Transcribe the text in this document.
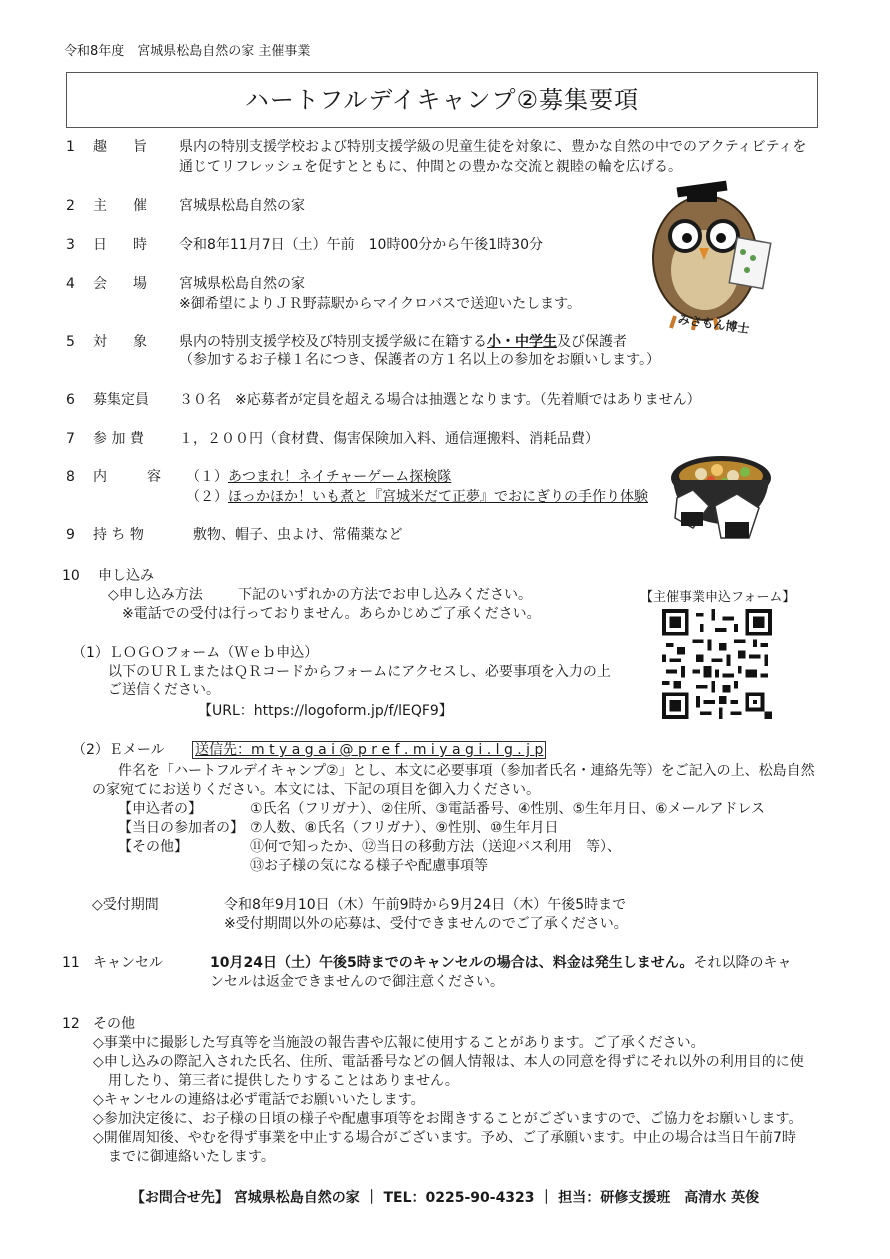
令和8年度　宮城県松島自然の家 主催事業
ハートフルデイキャンプ②募集要項
1 趣　旨 県内の特別支援学校および特別支援学級の児童生徒を対象に、豊かな自然の中でのアクティビティを
通じてリフレッシュを促すとともに、仲間との豊かな交流と親睦の輪を広げる。
2 主　催 宮城県松島自然の家
3 日　時 令和8年11月7日（土）午前　10時00分から午後1時30分
4 会　場 宮城県松島自然の家
※御希望によりＪＲ野蒜駅からマイクロバスで送迎いたします。
みさもん博士
5 対　象 県内の特別支援学校及び特別支援学級に在籍する小・中学生及び保護者
（参加するお子様１名につき、保護者の方１名以上の参加をお願いします。）
6 募集定員 ３０名　※応募者が定員を超える場合は抽選となります。（先着順ではありません）
7 参 加 費	１，２００円（食材費、傷害保険加入料、通信運搬料、消耗品費）
8 内　　容 （１）あつまれ！ネイチャーゲーム探検隊
（２）ほっかほか！いも煮と『宮城米だて正夢』でおにぎりの手作り体験
9 持 ち 物	敷物、帽子、虫よけ、常備薬など
10 申し込み
◇申し込み方法	下記のいずれかの方法でお申し込みください。
※電話での受付は行っておりません。あらかじめご了承ください。
【主催事業申込フォーム】
（1）ＬＯＧＯフォーム（Ｗｅｂ申込）
以下のＵＲＬまたはＱＲコードからフォームにアクセスし、必要事項を入力の上
ご送信ください。
【URL：https://logoform.jp/f/lEQF9】
（2）Ｅメール 送信先：m t y a g a i @ p r e f . m i y a g i . l g . j p
件名を「ハートフルデイキャンプ②」とし、本文に必要事項（参加者氏名・連絡先等）をご記入の上、松島自然
の家宛てにお送りください。本文には、下記の項目を御入力ください。
【申込者の】	①氏名（フリガナ）、②住所、③電話番号、④性別、⑤生年月日、⑥メールアドレス
【当日の参加者の】 ⑦人数、⑧氏名（フリガナ）、⑨性別、⑩生年月日
【その他】	⑪何で知ったか、⑫当日の移動方法（送迎バス利用　等）、
⑬お子様の気になる様子や配慮事項等
◇受付期間	令和8年9月10日（木）午前9時から9月24日（木）午後5時まで
※受付期間以外の応募は、受付できませんのでご了承ください。
11 キャンセル	10月24日（土）午後5時までのキャンセルの場合は、料金は発生しません。それ以降のキャ
ンセルは返金できませんので御注意ください。
12 その他
◇事業中に撮影した写真等を当施設の報告書や広報に使用することがあります。ご了承ください。
◇申し込みの際記入された氏名、住所、電話番号などの個人情報は、本人の同意を得ずにそれ以外の利用目的に使
用したり、第三者に提供したりすることはありません。
◇キャンセルの連絡は必ず電話でお願いいたします。
◇参加決定後に、お子様の日頃の様子や配慮事項等をお聞きすることがございますので、ご協力をお願いします。
◇開催周知後、やむを得ず事業を中止する場合がございます。予め、ご了承願います。中止の場合は当日午前7時
までに御連絡いたします。
【お問合せ先】 宮城県松島自然の家 ｜ TEL：0225-90-4323 ｜ 担当：研修支援班　高清水 英俊
